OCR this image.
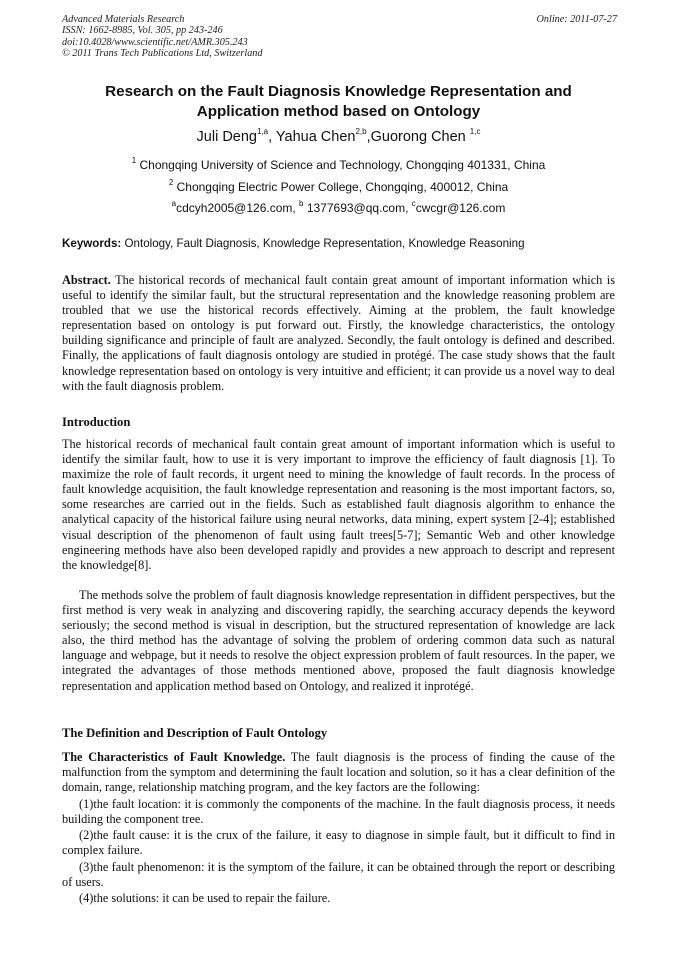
Advanced Materials Research
ISSN: 1662-8985, Vol. 305, pp 243-246
doi:10.4028/www.scientific.net/AMR.305.243
© 2011 Trans Tech Publications Ltd, Switzerland
Online: 2011-07-27
Research on the Fault Diagnosis Knowledge Representation and
Application method based on Ontology
Juli Deng$^{1,a}$, Yahua Chen$^{2,b}$,Guorong Chen $^{1,c}$
$^1$ Chongqing University of Science and Technology, Chongqing 401331, China
$^2$ Chongqing Electric Power College, Chongqing, 400012, China
$^a$cdcyh2005@126.com, $^b$ 1377693@qq.com, $^c$cwcgr@126.com
Keywords: Ontology, Fault Diagnosis, Knowledge Representation, Knowledge Reasoning

Abstract. The historical records of mechanical fault contain great amount of important information which is useful to identify the similar fault, but the structural representation and the knowledge reasoning problem are troubled that we use the historical records effectively. Aiming at the problem, the fault knowledge representation based on ontology is put forward out. Firstly, the knowledge characteristics, the ontology building significance and principle of fault are analyzed. Secondly, the fault ontology is defined and described. Finally, the applications of fault diagnosis ontology are studied in protégé. The case study shows that the fault knowledge representation based on ontology is very intuitive and efficient; it can provide us a novel way to deal with the fault diagnosis problem.

Introduction

The historical records of mechanical fault contain great amount of important information which is useful to identify the similar fault, how to use it is very important to improve the efficiency of fault diagnosis [1]. To maximize the role of fault records, it urgent need to mining the knowledge of fault records. In the process of fault knowledge acquisition, the fault knowledge representation and reasoning is the most important factors, so, some researches are carried out in the fields. Such as established fault diagnosis algorithm to enhance the analytical capacity of the historical failure using neural networks, data mining, expert system [2-4]; established visual description of the phenomenon of fault using fault trees[5-7]; Semantic Web and other knowledge engineering methods have also been developed rapidly and provides a new approach to descript and represent the knowledge[8].

The methods solve the problem of fault diagnosis knowledge representation in diffident perspectives, but the first method is very weak in analyzing and discovering rapidly, the searching accuracy depends the keyword seriously; the second method is visual in description, but the structured representation of knowledge are lack also, the third method has the advantage of solving the problem of ordering common data such as natural language and webpage, but it needs to resolve the object expression problem of fault resources. In the paper, we integrated the advantages of those methods mentioned above, proposed the fault diagnosis knowledge representation and application method based on Ontology, and realized it inprotégé.

The Definition and Description of Fault Ontology

The Characteristics of Fault Knowledge. The fault diagnosis is the process of finding the cause of the malfunction from the symptom and determining the fault location and solution, so it has a clear definition of the domain, range, relationship matching program, and the key factors are the following:

(1)the fault location: it is commonly the components of the machine. In the fault diagnosis process, it needs building the component tree.

(2)the fault cause: it is the crux of the failure, it easy to diagnose in simple fault, but it difficult to find in complex failure.

(3)the fault phenomenon: it is the symptom of the failure, it can be obtained through the report or describing of users.

(4)the solutions: it can be used to repair the failure.
